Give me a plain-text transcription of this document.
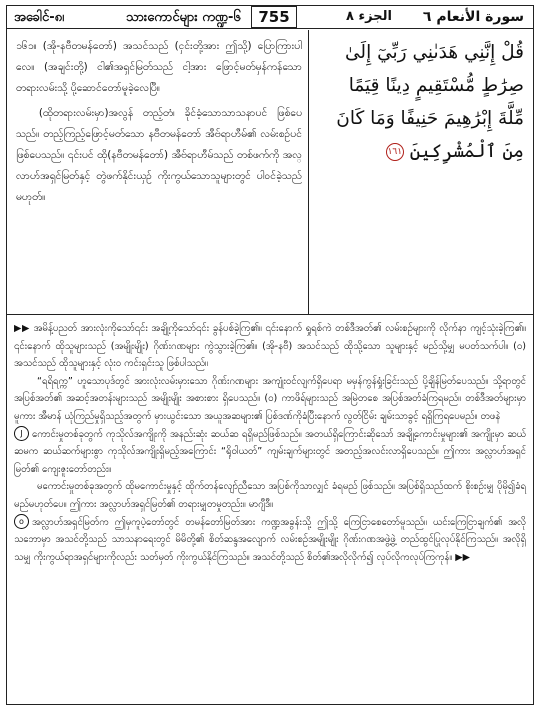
အခေါင်-၈၊	သားကောင်များ ကဏ္ဍ-၆	755	الجزء ٨ سورة الأنعام ٦

၁၆၁။ (အို-နဗီတမန်တော်) အသင်သည် (ငှင်းတို့အား ဤသို့) ပြောကြားပါလေ။ (အချင်းတို့) ငါ၏အရှင်မြတ်သည် ငါ့အား ဖြောင့်မတ်မှန်ကန်သော တရားလမ်းသို့ ပို့ဆောင်တော်မူခဲ့လေပြီ။

(ထိုတရားလမ်းမှာ)အလွန် တည့်တံ၊ ခိုင်ခံ့သောသာသနာပင် ဖြစ်ပေသည်။ တည့်ကြည့်ဖြောင့်မတ်သော နဗီတမန်တော် အီဗ်ရာဟီမ်၏ လမ်းစဉ်ပင်ဖြစ်ပေသည်။ ၎င်းပင် ထို(နဗီတမန်တော်) အီဗ်ရာဟီမ်သည် တစ်ဖက်ကို အလ္လာဟ်အရှင်မြတ်နှင့် တွဲဖက်နိုင်းယှဉ် ကိုးကွယ်သောသူများတွင် ပါဝင်ခဲ့သည် မဟုတ်။

قُلْ إِنَّنِي هَدَىٰنِي رَبِّيٓ إِلَىٰ
صِرَٰطٍ مُّسْتَقِيمٍ دِينًا قِيَمًا
مِّلَّةَ إِبْرَٰهِيمَ حَنِيفًا وَمَا كَانَ
مِنَ ٱلْمُشْرِكِينَ ١٦١

▶▶ အမိန့်ပညတ် အားလုံးကိုသော်၎င်း အချို့ကိုသော်၎င်း ခွန်ပစ်ခဲ့ကြ၏။ ၎င်းနောက် ရှုရစ်ကဲ တစ်ဒီအတ်၏ လမ်းစဉ်များကို လိုက်နာ ကျင့်သုံးခဲ့ကြ၏။ ၎င်းနောက် ထိုသူများသည် (အမျိုးမျိုး) ဂိုဏ်းဂဏများ ကွဲသွားခဲ့ကြ၏။ (အို-နဗီ) အသင်သည် ထိုသို့သော သူများနှင့် မည်သို့မျှ မပတ်သက်ပါ။ (၀) အသင်သည် ထိုသူများနှင့် လုံးဝ ကင်းရှင်းသူ ဖြစ်ပါသည်။

“ရရိရက္က” ဟူသောပုဒ်တွင် အားလုံးလမ်းမှားသော ဂိုဏ်းဂဏများ အကျုံးဝင်လျက်ရှိပေရာ မမှန်ကွန်ရှုံးခြင်းသည် ပို့ချိန်မြတ်ပေသည်။ သို့ရာတွင် အပြစ်အတ်၏ အဆင့်အတန်းများသည် အမျိုးမျိုး အစားစား ရှိပေသည်။ (၀) ကာဖိရ်များသည် အမြဲတစေ အပြစ်အတ်ခံကြရမည်။ တစ်ဒီအတ်များမှာမူကား အီမာန် ယုံကြည်မှုရှိသည့်အတွက် မှားယွင်းသော အယူအဆများ၏ ပြစ်ဒဏ်ကိုခံပြီးနောက် လွတ်ငြိမ်း ချမ်းသာခွင့် ရရှိကြရပေမည်။ တဖနဲ

J ကောင်းမှုတစ်ခုတွက် ကုသိုလ်အကျိုးကို အနည်းဆုံး ဆယ်ဆ ရရှိမည်ဖြစ်သည်။ အတယ်ရှိကြောင်းဆိုသော် အချို့ကောင်းမှုများ၏ အကျိုးမှာ ဆယ်ဆမက ဆယ်ဆက်များစွာ ကုသိုလ်အကျိုးရှိမည့်အကြောင်း “ရိုဝါယတ်” ကျမ်းချက်များတွင် အတည့်အလင်းလာရှိပေသည်။ ဤကား အလ္လာဟ်အရှင်မြတ်၏ ကျေးဇူးတော်တည်း။

မကောင်းမှုတစ်ခုအတွက် ထိုမကောင်းမှုနှင့် ထိုက်တန်လျော်ညီသော အပြစ်ကိုသာလျှင် ခံရမည် ဖြစ်သည်။ အပြစ်ရှိသည်ထက် စိုးစဉ်းမျှ ပိုမို၍ခံရမည်မဟုတ်ပေ။ ဤကား အလ္လာဟ်အရှင်မြတ်၏ တရားမျှတမှုတည်း။ မာဂျီဒီ။

o အလ္လာဟ်အရှင်မြတ်က ဤမှကူပဲ့တော်တွင် တမန်တော်မြတ်အား ကဏ္ဍအခွန်းသို့ ဤသို့ ကြေငြာစေတော်မူသည်။ ယင်းကြေငြာချက်၏ အလိုသဘောမှာ အသင်တို့သည် သာသနာရေးတွင် မိမိတို့၏ စိတ်ဆန္ဒအလျောက် လမ်းစဉ်အမျိုးမျိုး ဂိုဏ်းဂဏအဖွဲ့ဖွဲ့ တည်ထွင်ပြုလုပ်နိုင်ကြသည်။ အလိုရှိသမျှ ကိုးကွယ်ရာအရှင်များကိုလည်း သတ်မှတ် ကိုးကွယ်နိုင်ကြသည်။ အသင်တို့သည် စိတ်၏အလိုလိုက်၍ လုပ်လိုကလုပ်ကြကုန်။ ▶▶
